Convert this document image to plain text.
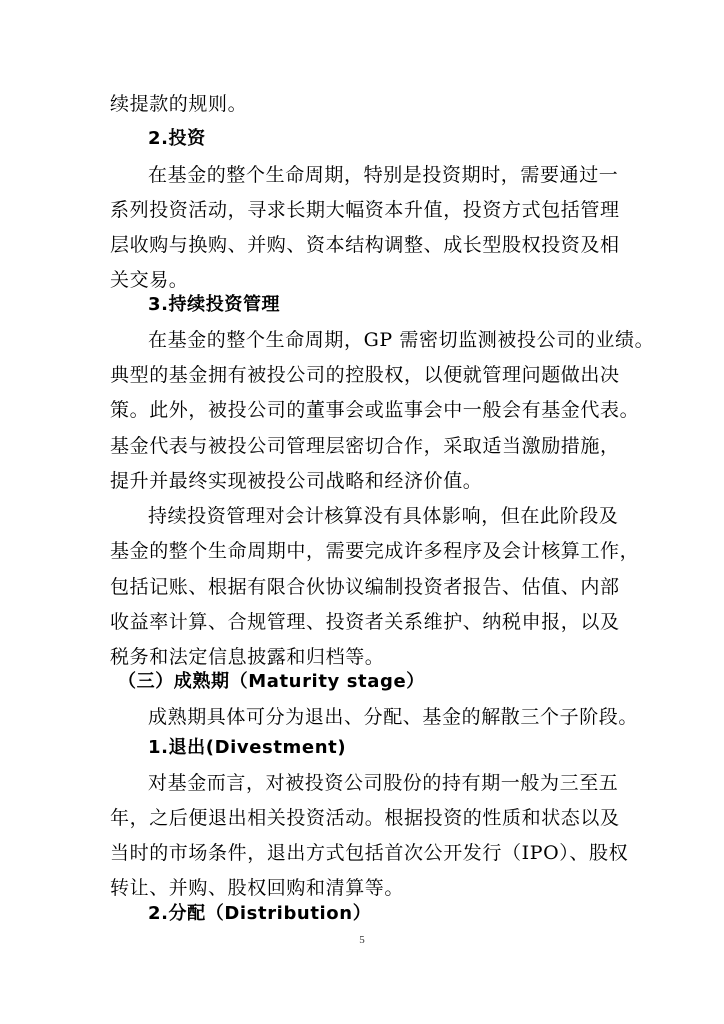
续提款的规则。
2.投资
在基金的整个生命周期，特别是投资期时，需要通过一
系列投资活动，寻求长期大幅资本升值，投资方式包括管理
层收购与换购、并购、资本结构调整、成长型股权投资及相
关交易。
3.持续投资管理
在基金的整个生命周期，GP 需密切监测被投公司的业绩。
典型的基金拥有被投公司的控股权，以便就管理问题做出决
策。此外，被投公司的董事会或监事会中一般会有基金代表。
基金代表与被投公司管理层密切合作，采取适当激励措施，
提升并最终实现被投公司战略和经济价值。
持续投资管理对会计核算没有具体影响，但在此阶段及
基金的整个生命周期中，需要完成许多程序及会计核算工作，
包括记账、根据有限合伙协议编制投资者报告、估值、内部
收益率计算、合规管理、投资者关系维护、纳税申报，以及
税务和法定信息披露和归档等。
（三）成熟期（Maturity stage）
成熟期具体可分为退出、分配、基金的解散三个子阶段。
1.退出(Divestment)
对基金而言，对被投资公司股份的持有期一般为三至五
年，之后便退出相关投资活动。根据投资的性质和状态以及
当时的市场条件，退出方式包括首次公开发行（IPO）、股权
转让、并购、股权回购和清算等。
2.分配（Distribution）
5
